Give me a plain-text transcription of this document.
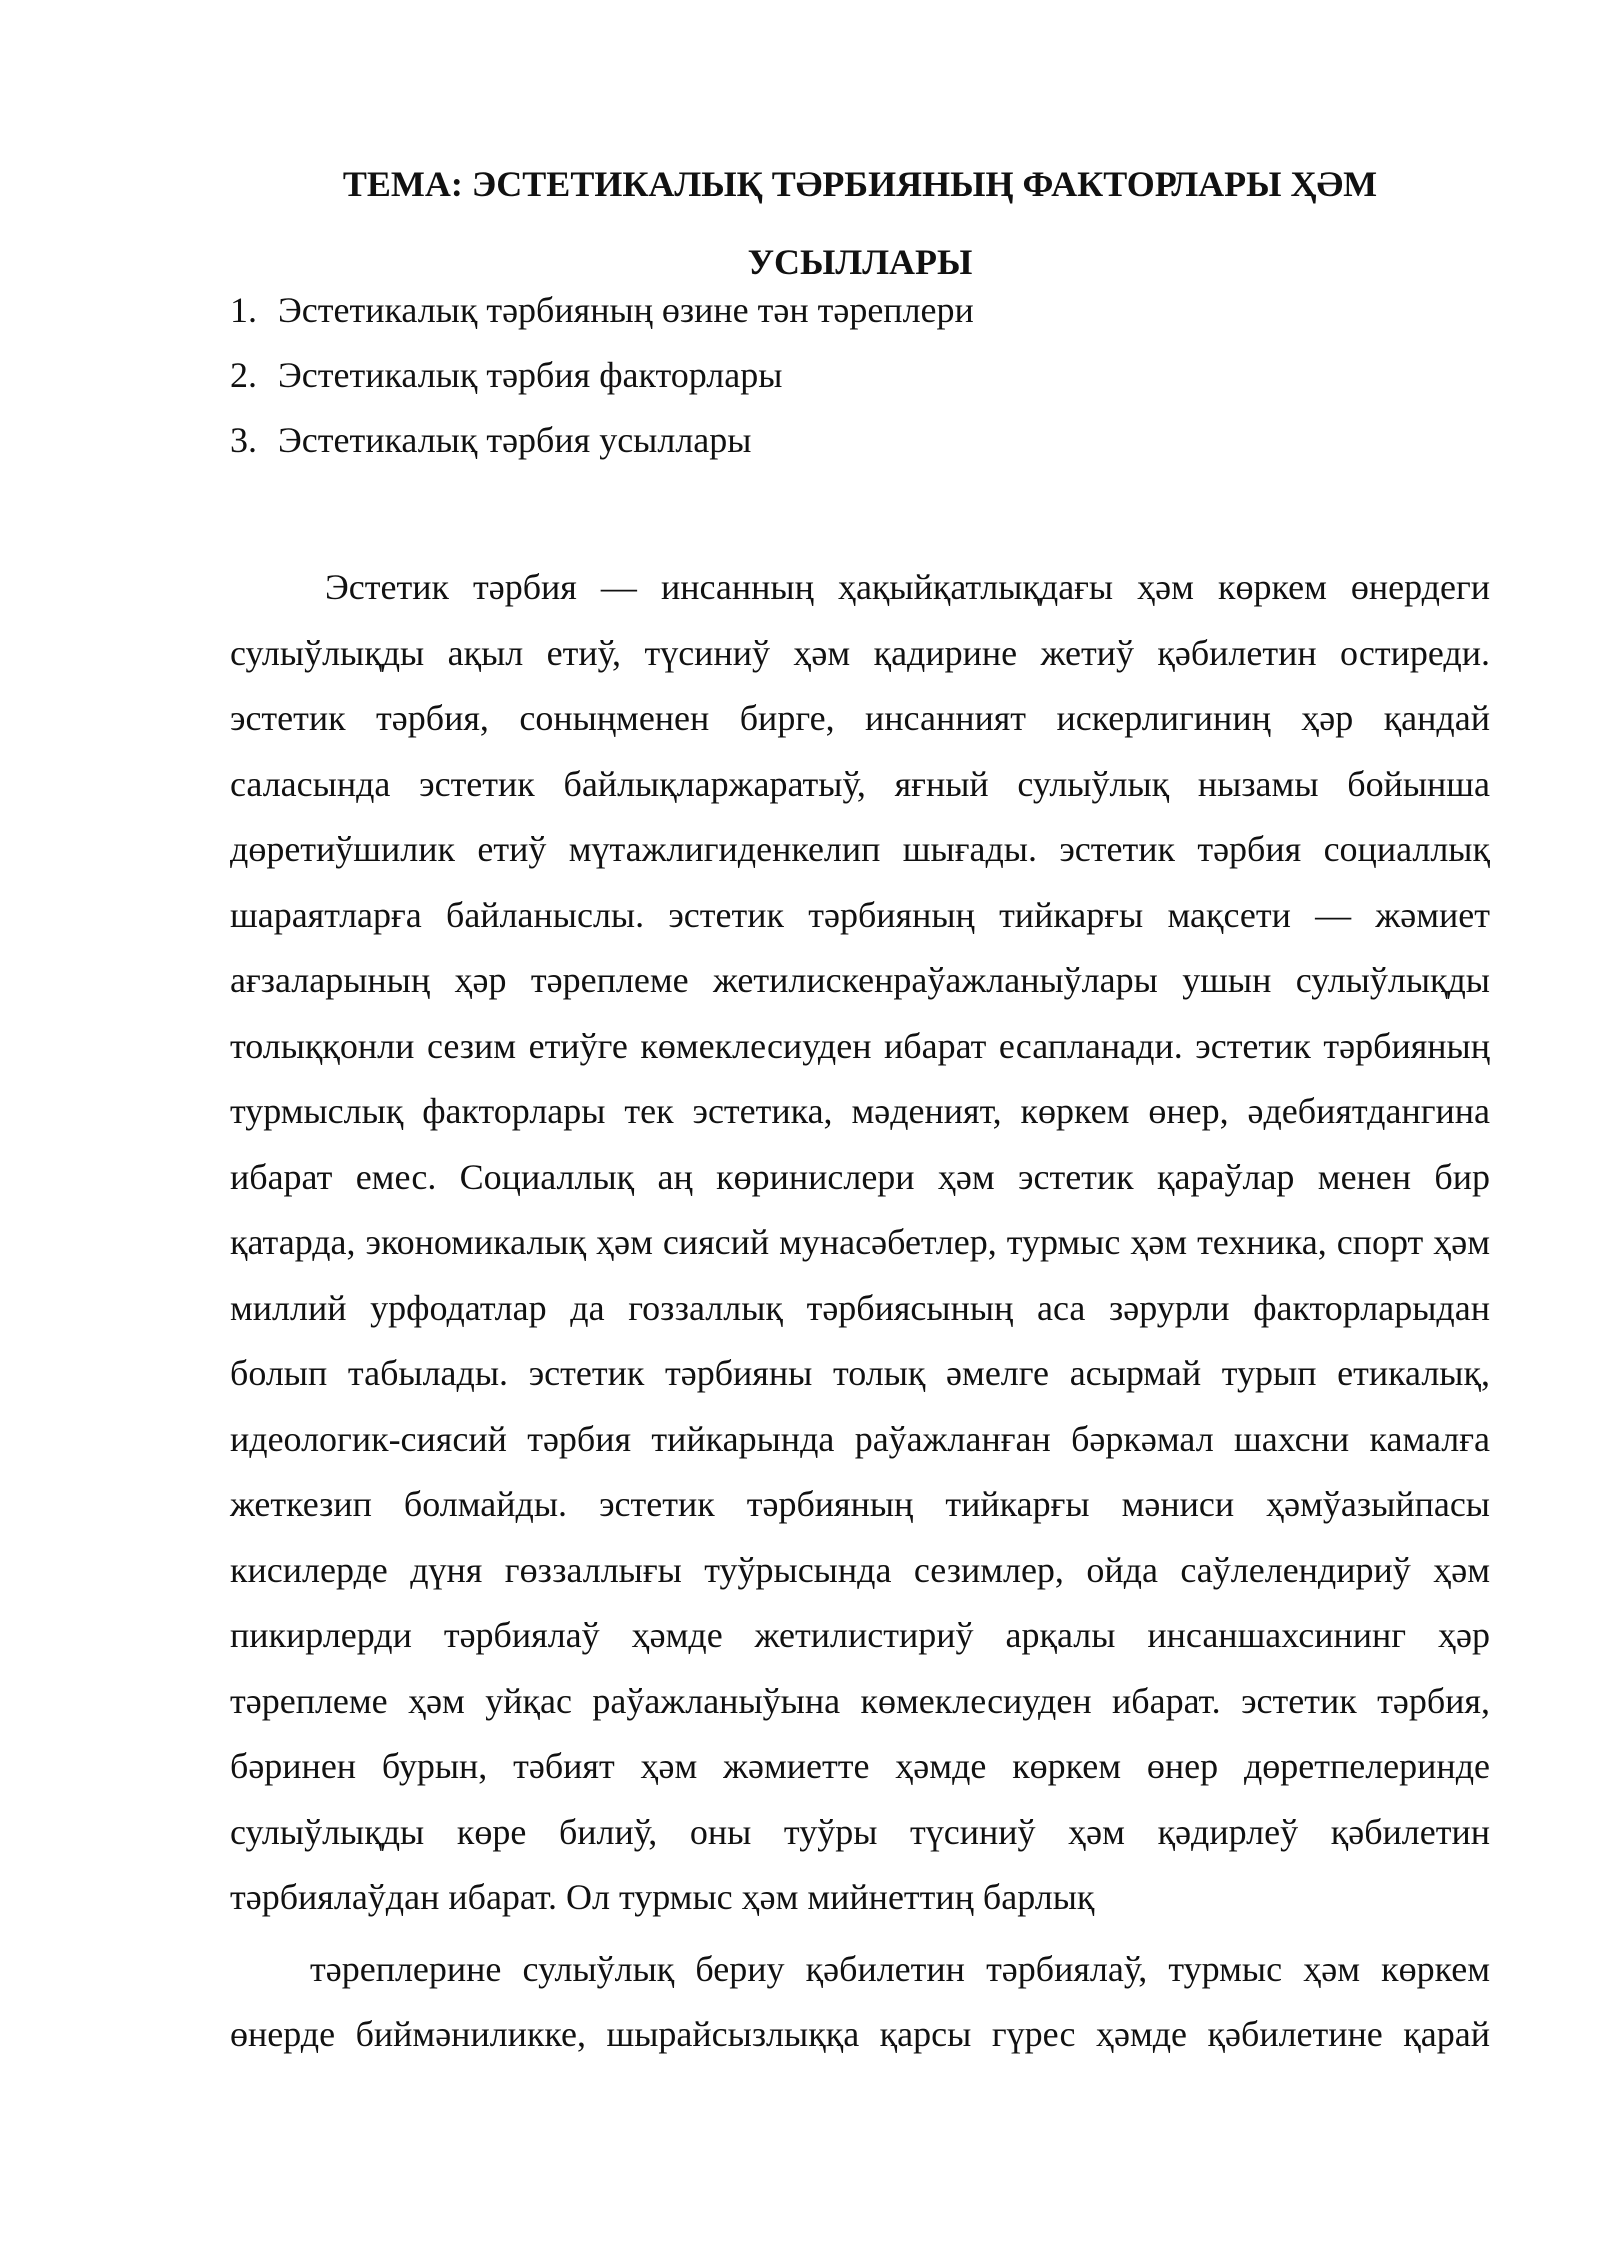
ТЕМА: ЭСТЕТИКАЛЫҚ ТӘРБИЯНЫҢ ФАКТОРЛАРЫ ҲӘМ УСЫЛЛАРЫ
1. Эстетикалық тәрбияның өзине тән тәреплери
2. Эстетикалық тәрбия факторлары
3. Эстетикалық тәрбия усыллары

Эстетик тәрбия — инсанның ҳақыйқатлықдағы ҳәм көркем өнердеги сулыўлықды ақыл етиў, түсиниў ҳәм қадирине жетиў қәбилетин остиреди. эстетик тәрбия, соныңменен бирге, инсанният искерлигиниң ҳәр қандай саласында эстетик байлықларжаратыў, яғный сулыўлық нызамы бойынша дөретиўшилик етиў мүтажлигиденкелип шығады. эстетик тәрбия социаллық шараятларға байланыслы. эстетик тәрбияның тийкарғы мақсети — жәмиет ағзаларының ҳәр тәреплеме жетилискенраўажланыўлары ушын сулыўлықды толыққонли сезим етиўге көмеклесиуден ибарат есапланади. эстетик тәрбияның турмыслық факторлары тек эстетика, мәденият, көркем өнер, әдебиятдангина ибарат емес. Социаллық аң көринислери ҳәм эстетик қараўлар менен бир қатарда, экономикалық ҳәм сиясий мунасәбетлер, турмыс ҳәм техника, спорт ҳәм миллий урфодатлар да гоззаллық тәрбиясының аса зәрурли факторларыдан болып табылады. эстетик тәрбияны толық әмелге асырмай турып етикалық, идеологик-сиясий тәрбия тийкарында раўажланған бәркәмал шахсни камалға жеткезип болмайды. эстетик тәрбияның тийкарғы мәниси ҳәмўазыйпасы кисилерде дүня гөззаллығы туўрысында сезимлер, ойда саўлелендириў ҳәм пикирлерди тәрбиялаў ҳәмде жетилистириў арқалы инсаншахсининг ҳәр тәреплеме ҳәм уйқас раўажланыўына көмеклесиуден ибарат. эстетик тәрбия, бәринен бурын, тәбият ҳәм жәмиетте ҳәмде көркем өнер дөретпелеринде сулыўлықды көре билиў, оны туўры түсиниў ҳәм қәдирлеў қәбилетин тәрбиялаўдан ибарат. Ол турмыс ҳәм мийнеттиң барлық

тәреплерине сулыўлық бериу қәбилетин тәрбиялаў, турмыс ҳәм көркем өнерде биймәниликке, шырайсызлыққа қарсы гүрес ҳәмде қәбилетине қарай
